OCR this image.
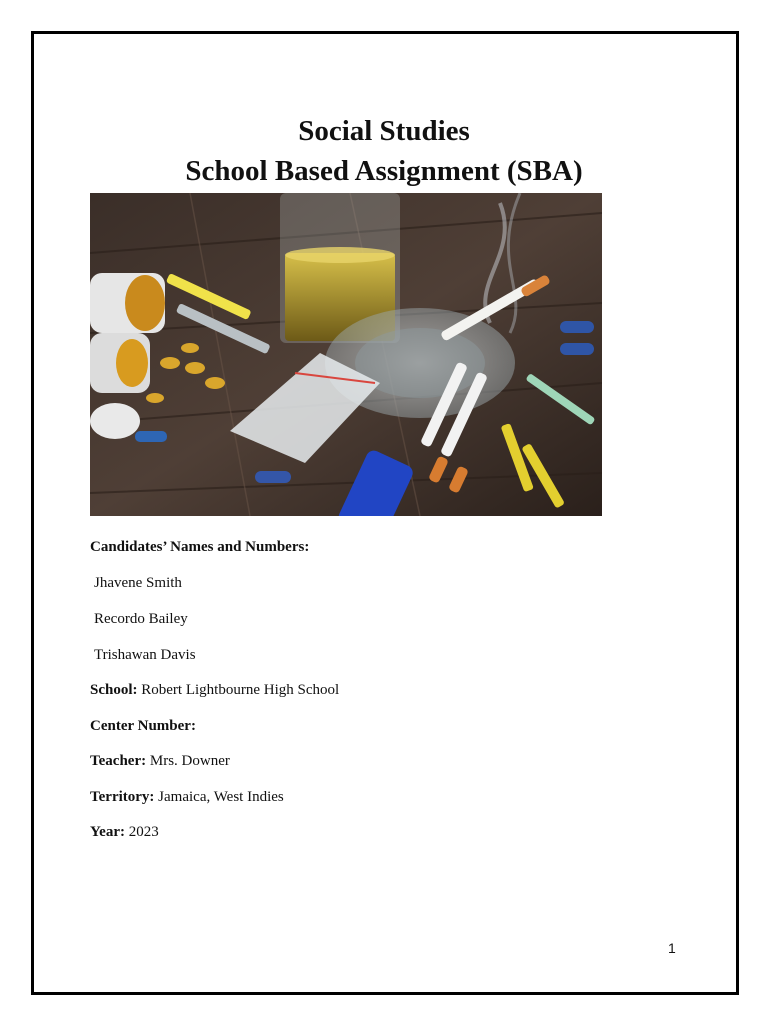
Social Studies
School Based Assignment (SBA)
Candidates’ Names and Numbers:
Jhavene Smith
Recordo Bailey
Trishawan Davis
School: Robert Lightbourne High School
Center Number:
Teacher: Mrs. Downer
Territory: Jamaica, West Indies
Year: 2023
1
